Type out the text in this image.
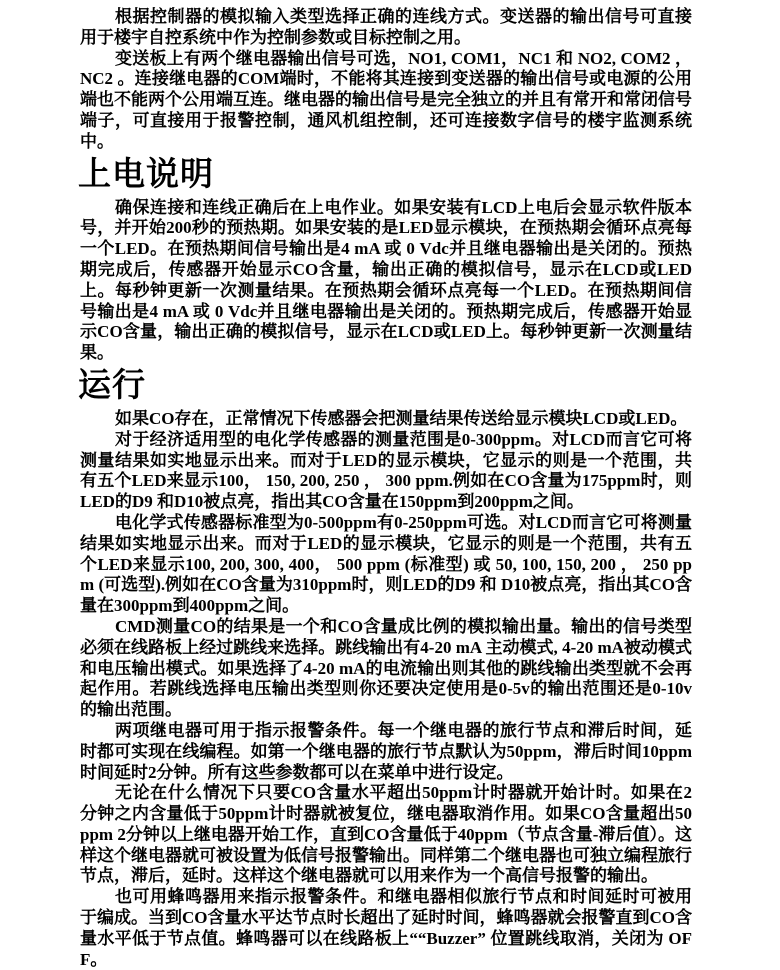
根据控制器的模拟输入类型选择正确的连线方式。变送器的输出信号可直接用于楼宇自控系统中作为控制参数或目标控制之用。

变送板上有两个继电器输出信号可选，NO1, COM1，NC1 和 NO2, COM2 ，NC2 。连接继电器的COM端时，不能将其连接到变送器的输出信号或电源的公用端也不能两个公用端互连。继电器的输出信号是完全独立的并且有常开和常闭信号端子，可直接用于报警控制，通风机组控制，还可连接数字信号的楼宇监测系统中。

上电说明

确保连接和连线正确后在上电作业。如果安装有LCD上电后会显示软件版本号，并开始200秒的预热期。如果安装的是LED显示模块，在预热期会循环点亮每一个LED。在预热期间信号输出是4 mA 或 0 Vdc并且继电器输出是关闭的。预热期完成后，传感器开始显示CO含量，输出正确的模拟信号，显示在LCD或LED上。每秒钟更新一次测量结果。在预热期会循环点亮每一个LED。在预热期间信号输出是4 mA 或 0 Vdc并且继电器输出是关闭的。预热期完成后，传感器开始显示CO含量，输出正确的模拟信号，显示在LCD或LED上。每秒钟更新一次测量结果。

运行

如果CO存在，正常情况下传感器会把测量结果传送给显示模块LCD或LED。

对于经济适用型的电化学传感器的测量范围是0-300ppm。对LCD而言它可将测量结果如实地显示出来。而对于LED的显示模块，它显示的则是一个范围，共有五个LED来显示100， 150, 200, 250 ， 300 ppm.例如在CO含量为175ppm时，则LED的D9 和D10被点亮，指出其CO含量在150ppm到200ppm之间。

电化学式传感器标准型为0-500ppm有0-250ppm可选。对LCD而言它可将测量结果如实地显示出来。而对于LED的显示模块，它显示的则是一个范围，共有五个LED来显示100, 200, 300, 400， 500 ppm (标准型) 或 50, 100, 150, 200 ， 250 ppm (可选型).例如在CO含量为310ppm时，则LED的D9 和 D10被点亮，指出其CO含量在300ppm到400ppm之间。

CMD测量CO的结果是一个和CO含量成比例的模拟输出量。输出的信号类型必须在线路板上经过跳线来选择。跳线输出有4-20 mA 主动模式, 4-20 mA被动模式和电压输出模式。如果选择了4-20 mA的电流输出则其他的跳线输出类型就不会再起作用。若跳线选择电压输出类型则你还要决定使用是0-5v的输出范围还是0-10v的输出范围。

两项继电器可用于指示报警条件。每一个继电器的旅行节点和滞后时间，延时都可实现在线编程。如第一个继电器的旅行节点默认为50ppm，滞后时间10ppm时间延时2分钟。所有这些参数都可以在菜单中进行设定。

无论在什么情况下只要CO含量水平超出50ppm计时器就开始计时。如果在2分钟之内含量低于50ppm计时器就被复位，继电器取消作用。如果CO含量超出50ppm 2分钟以上继电器开始工作，直到CO含量低于40ppm（节点含量-滞后值）。这样这个继电器就可被设置为低信号报警输出。同样第二个继电器也可独立编程旅行节点，滞后，延时。这样这个继电器就可以用来作为一个高信号报警的输出。

也可用蜂鸣器用来指示报警条件。和继电器相似旅行节点和时间延时可被用于编成。当到CO含量水平达节点时长超出了延时时间，蜂鸣器就会报警直到CO含量水平低于节点值。蜂鸣器可以在线路板上““Buzzer” 位置跳线取消，关闭为 OFF。
